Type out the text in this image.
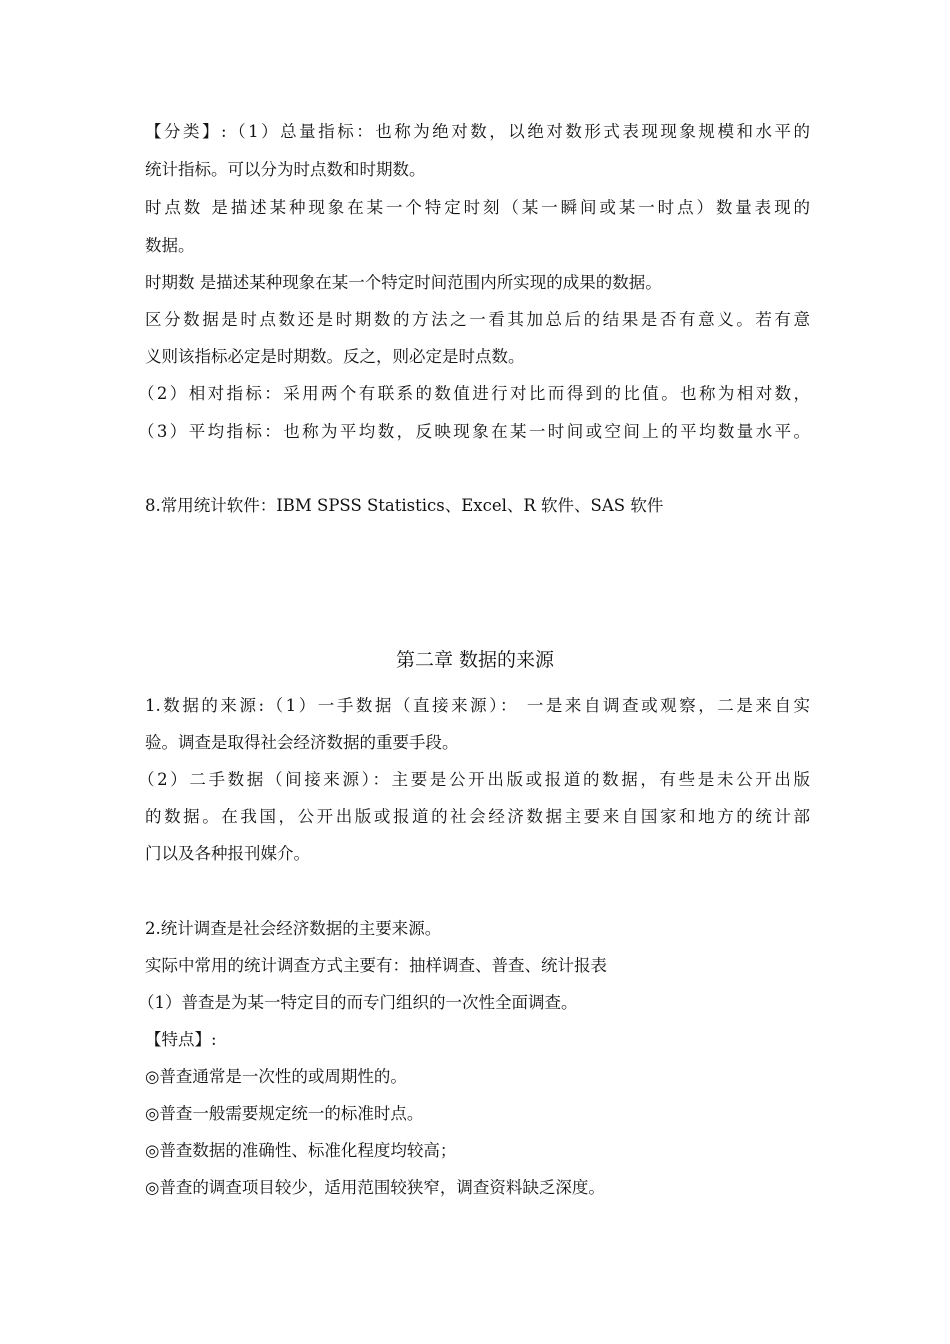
【分类】:（1）总量指标：也称为绝对数，以绝对数形式表现现象规模和水平的
统计指标。可以分为时点数和时期数。
时点数 是描述某种现象在某一个特定时刻（某一瞬间或某一时点）数量表现的
数据。
时期数 是描述某种现象在某一个特定时间范围内所实现的成果的数据。
区分数据是时点数还是时期数的方法之一看其加总后的结果是否有意义。若有意
义则该指标必定是时期数。反之，则必定是时点数。
（2）相对指标：采用两个有联系的数值进行对比而得到的比值。也称为相对数，
（3）平均指标：也称为平均数，反映现象在某一时间或空间上的平均数量水平。
8.常用统计软件：IBM SPSS Statistics、Excel、R 软件、SAS 软件
第二章 数据的来源
1.数据的来源:（1）一手数据（直接来源）： 一是来自调查或观察，二是来自实
验。调查是取得社会经济数据的重要手段。
（2）二手数据（间接来源）：主要是公开出版或报道的数据，有些是未公开出版
的数据。在我国，公开出版或报道的社会经济数据主要来自国家和地方的统计部
门以及各种报刊媒介。
2.统计调查是社会经济数据的主要来源。
实际中常用的统计调查方式主要有：抽样调查、普查、统计报表
（1）普查是为某一特定目的而专门组织的一次性全面调查。
【特点】:
◎普查通常是一次性的或周期性的。
◎普查一般需要规定统一的标准时点。
◎普查数据的准确性、标准化程度均较高；
◎普查的调查项目较少，适用范围较狭窄，调查资料缺乏深度。
